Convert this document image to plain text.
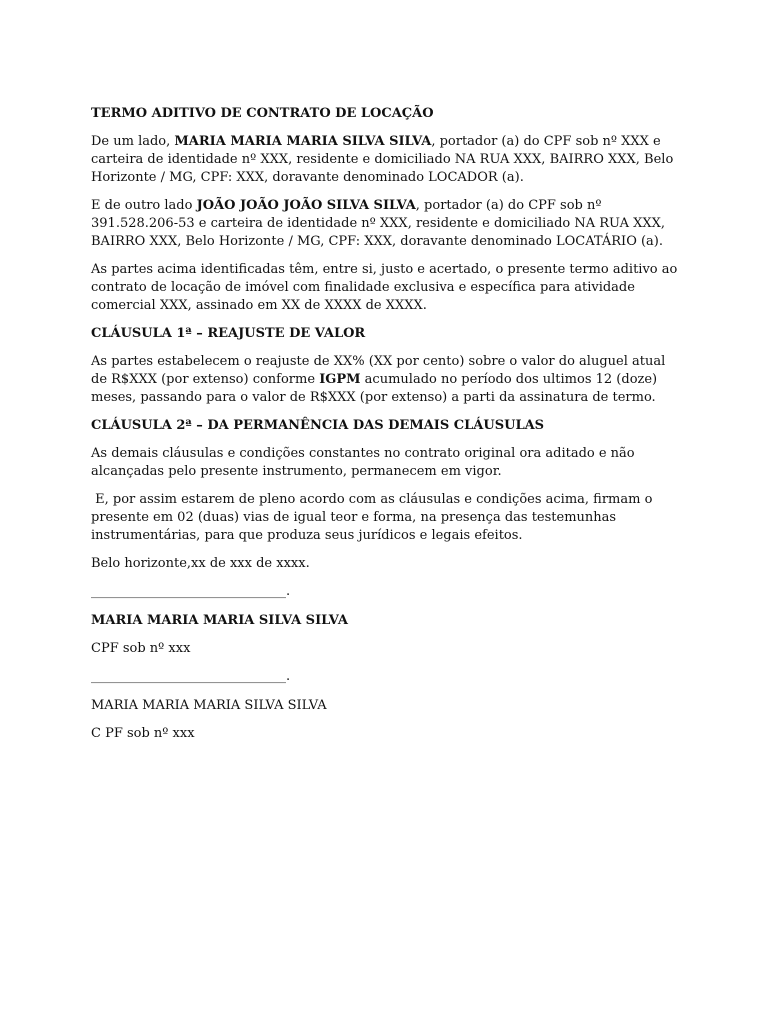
TERMO ADITIVO DE CONTRATO DE LOCAÇÃO

De um lado, MARIA MARIA MARIA SILVA SILVA, portador (a) do CPF sob nº XXX e carteira de identidade nº XXX, residente e domiciliado NA RUA XXX, BAIRRO XXX, Belo Horizonte / MG, CPF: XXX, doravante denominado LOCADOR (a).

E de outro lado JOÃO JOÃO JOÃO SILVA SILVA, portador (a) do CPF sob nº 391.528.206-53 e carteira de identidade nº XXX, residente e domiciliado NA RUA XXX, BAIRRO XXX, Belo Horizonte / MG, CPF: XXX, doravante denominado LOCATÁRIO (a).

As partes acima identificadas têm, entre si, justo e acertado, o presente termo aditivo ao contrato de locação de imóvel com finalidade exclusiva e específica para atividade comercial XXX, assinado em XX de XXXX de XXXX.

CLÁUSULA 1ª – REAJUSTE DE VALOR

As partes estabelecem o reajuste de XX% (XX por cento) sobre o valor do aluguel atual de R$XXX (por extenso) conforme IGPM acumulado no período dos ultimos 12 (doze) meses, passando para o valor de R$XXX (por extenso) a parti da assinatura de termo.

CLÁUSULA 2ª – DA PERMANÊNCIA DAS DEMAIS CLÁUSULAS

As demais cláusulas e condições constantes no contrato original ora aditado e não alcançadas pelo presente instrumento, permanecem em vigor.

E, por assim estarem de pleno acordo com as cláusulas e condições acima, firmam o presente em 02 (duas) vias de igual teor e forma, na presença das testemunhas instrumentárias, para que produza seus jurídicos e legais efeitos.

Belo horizonte,xx de xxx de xxxx.

______________________________.

MARIA MARIA MARIA SILVA SILVA

CPF sob nº xxx

______________________________.

MARIA MARIA MARIA SILVA SILVA

C PF sob nº xxx
